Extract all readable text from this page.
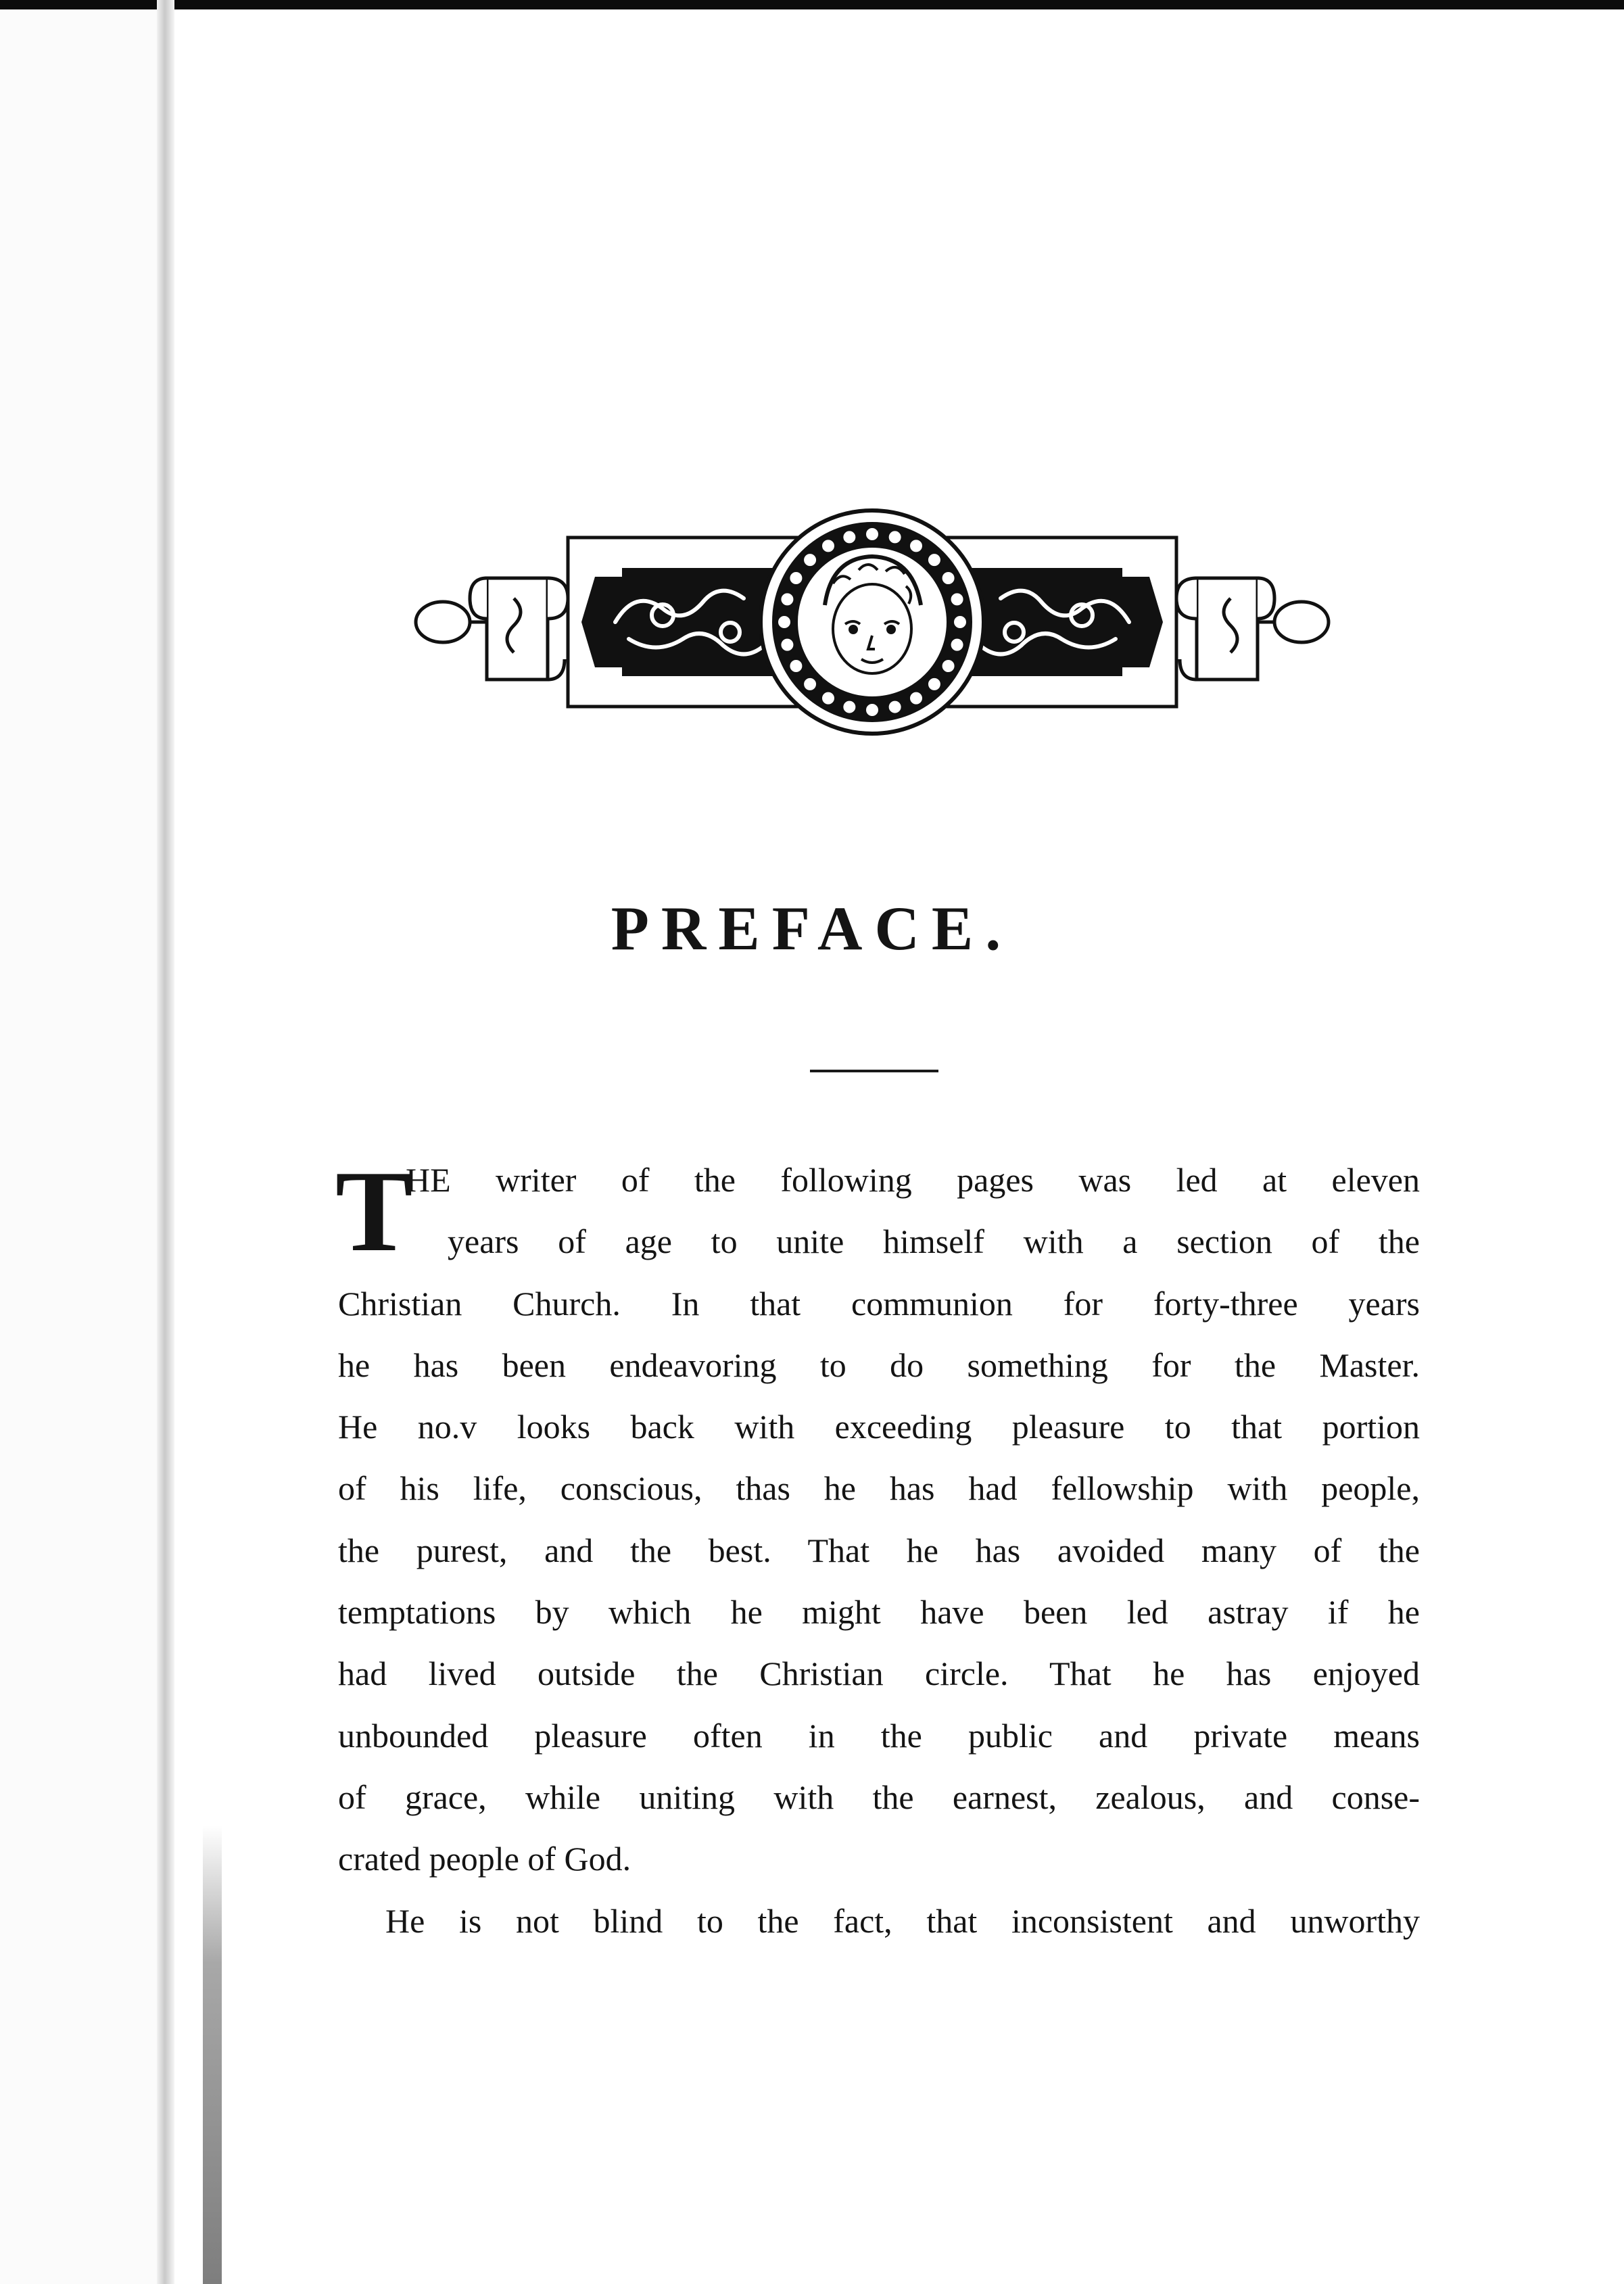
PREFACE.
T
HE writer of the following pages was led at eleven
years of age to unite himself with a section of the
Christian Church. In that communion for forty-three years
he has been endeavoring to do something for the Master.
He no.v looks back with exceeding pleasure to that portion
of his life, conscious, thas he has had fellowship with people,
the purest, and the best. That he has avoided many of the
temptations by which he might have been led astray if he
had lived outside the Christian circle. That he has enjoyed
unbounded pleasure often in the public and private means
of grace, while uniting with the earnest, zealous, and conse-
crated people of God.
He is not blind to the fact, that inconsistent and unworthy
